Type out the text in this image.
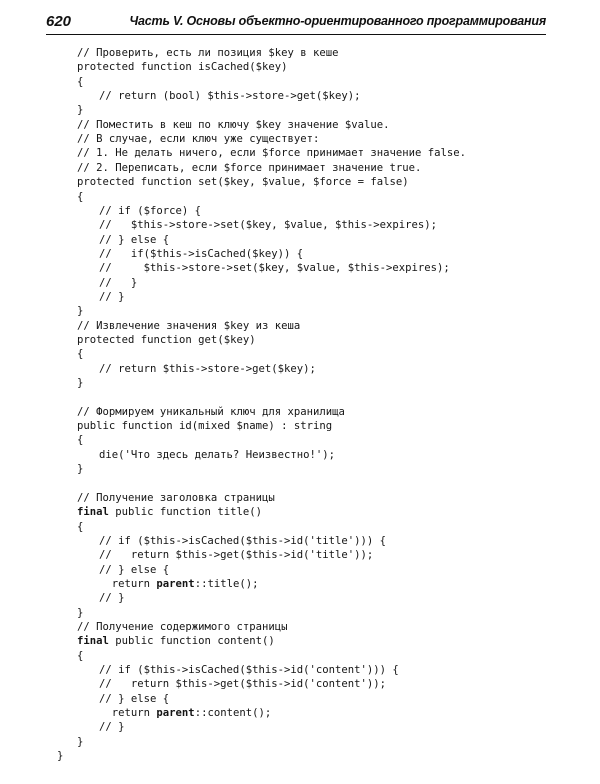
620	Часть V. Основы объектно-ориентированного программирования
// Проверить, есть ли позиция $key в кеше
protected function isCached($key)
{
// return (bool) $this->store->get($key);
}
// Поместить в кеш по ключу $key значение $value.
// В случае, если ключ уже существует:
// 1. Не делать ничего, если $force принимает значение false.
// 2. Переписать, если $force принимает значение true.
protected function set($key, $value, $force = false)
{
// if ($force) {
//   $this->store->set($key, $value, $this->expires);
// } else {
//   if($this->isCached($key)) {
//     $this->store->set($key, $value, $this->expires);
//   }
// }
}
// Извлечение значения $key из кеша
protected function get($key)
{
// return $this->store->get($key);
}
// Формируем уникальный ключ для хранилища
public function id(mixed $name) : string
{
die('Что здесь делать? Неизвестно!');
}
// Получение заголовка страницы
final public function title()
{
// if ($this->isCached($this->id('title'))) {
//   return $this->get($this->id('title'));
// } else {
return parent::title();
// }
}
// Получение содержимого страницы
final public function content()
{
// if ($this->isCached($this->id('content'))) {
//   return $this->get($this->id('content'));
// } else {
return parent::content();
// }
}
}
